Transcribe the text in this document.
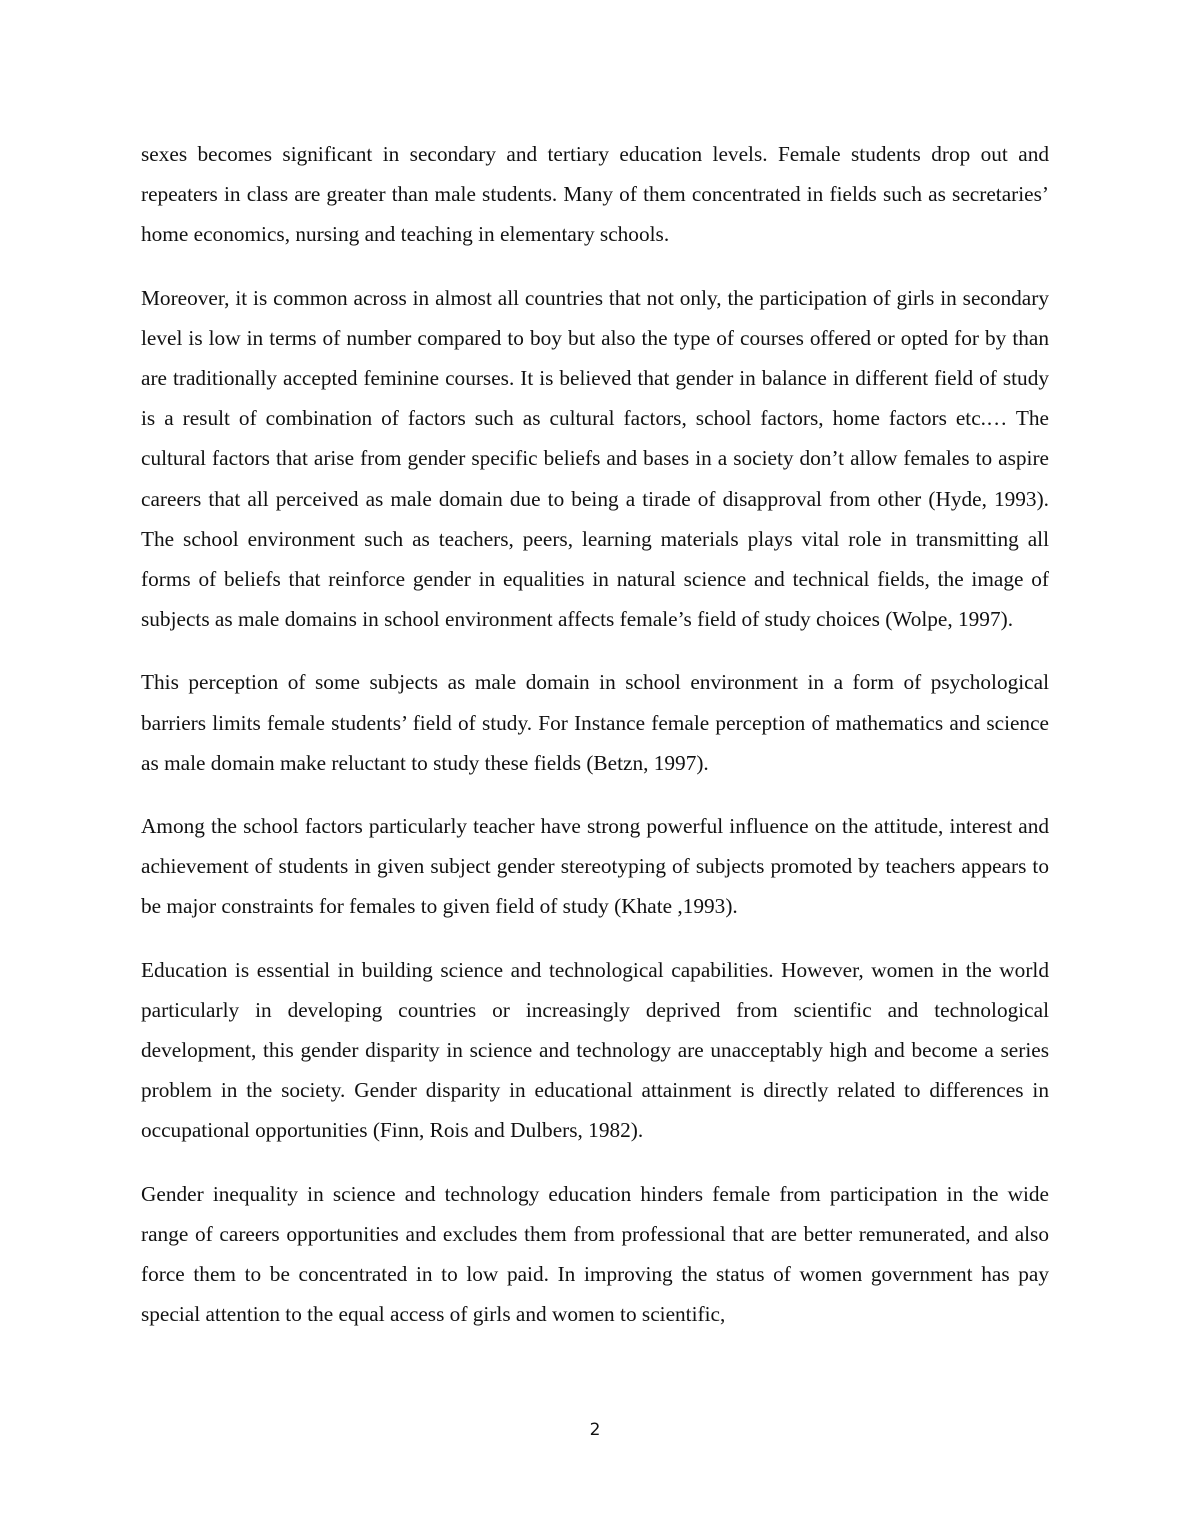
sexes becomes significant in secondary and tertiary education levels. Female students drop out and repeaters in class are greater than male students. Many of them concentrated in fields such as secretaries’ home economics, nursing and teaching in elementary schools.

Moreover, it is common across in almost all countries that not only, the participation of girls in secondary level is low in terms of number compared to boy but also the type of courses offered or opted for by than are traditionally accepted feminine courses. It is believed that gender in balance in different field of study is a result of combination of factors such as cultural factors, school factors, home factors etc.… The cultural factors that arise from gender specific beliefs and bases in a society don’t allow females to aspire careers that all perceived as male domain due to being a tirade of disapproval from other (Hyde, 1993). The school environment such as teachers, peers, learning materials plays vital role in transmitting all forms of beliefs that reinforce gender in equalities in natural science and technical fields, the image of subjects as male domains in school environment affects female’s field of study choices (Wolpe, 1997).

This perception of some subjects as male domain in school environment in a form of psychological barriers limits female students’ field of study. For Instance female perception of mathematics and science as male domain make reluctant to study these fields (Betzn, 1997).

Among the school factors particularly teacher have strong powerful influence on the attitude, interest and achievement of students in given subject gender stereotyping of subjects promoted by teachers appears to be major constraints for females to given field of study (Khate ,1993).

Education is essential in building science and technological capabilities. However, women in the world particularly in developing countries or increasingly deprived from scientific and technological development, this gender disparity in science and technology are unacceptably high and become a series problem in the society. Gender disparity in educational attainment is directly related to differences in occupational opportunities (Finn, Rois and Dulbers, 1982).

Gender inequality in science and technology education hinders female from participation in the wide range of careers opportunities and excludes them from professional that are better remunerated, and also force them to be concentrated in to low paid. In improving the status of women government has pay special attention to the equal access of girls and women to scientific,

2
